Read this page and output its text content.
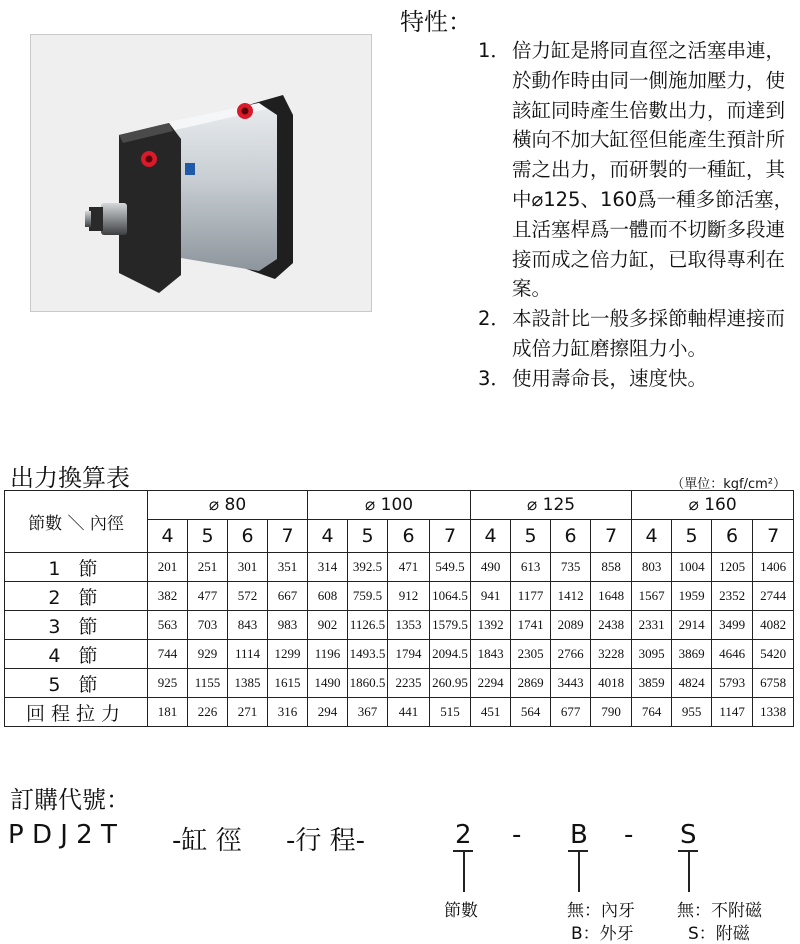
特性：
1． 倍力缸是將同直徑之活塞串連，於動作時由同一側施加壓力，使該缸同時產生倍數出力，而達到橫向不加大缸徑但能產生預計所需之出力，而研製的一種缸，其中⌀125、160爲一種多節活塞，且活塞桿爲一體而不切斷多段連接而成之倍力缸，已取得專利在案。
2． 本設計比一般多採節軸桿連接而成倍力缸磨擦阻力小。
3． 使用壽命長，速度快。
出力換算表	（單位：kgf/cm²）
節數 ＼ 內徑	⌀ 80				⌀ 100				⌀ 125				⌀ 160			
	4	5	6	7	4	5	6	7	4	5	6	7	4	5	6	7
1 節	201	251	301	351	314	392.5	471	549.5	490	613	735	858	803	1004	1205	1406
2 節	382	477	572	667	608	759.5	912	1064.5	941	1177	1412	1648	1567	1959	2352	2744
3 節	563	703	843	983	902	1126.5	1353	1579.5	1392	1741	2089	2438	2331	2914	3499	4082
4 節	744	929	1114	1299	1196	1493.5	1794	2094.5	1843	2305	2766	3228	3095	3869	4646	5420
5 節	925	1155	1385	1615	1490	1860.5	2235	260.95	2294	2869	3443	4018	3859	4824	5793	6758
回程拉力	181	226	271	316	294	367	441	515	451	564	677	790	764	955	1147	1338
訂購代號：
P D J 2 T -缸 徑 -行 程-	2 - B - S
節數	無：內牙
B：外牙
無：不附磁
S：附磁
